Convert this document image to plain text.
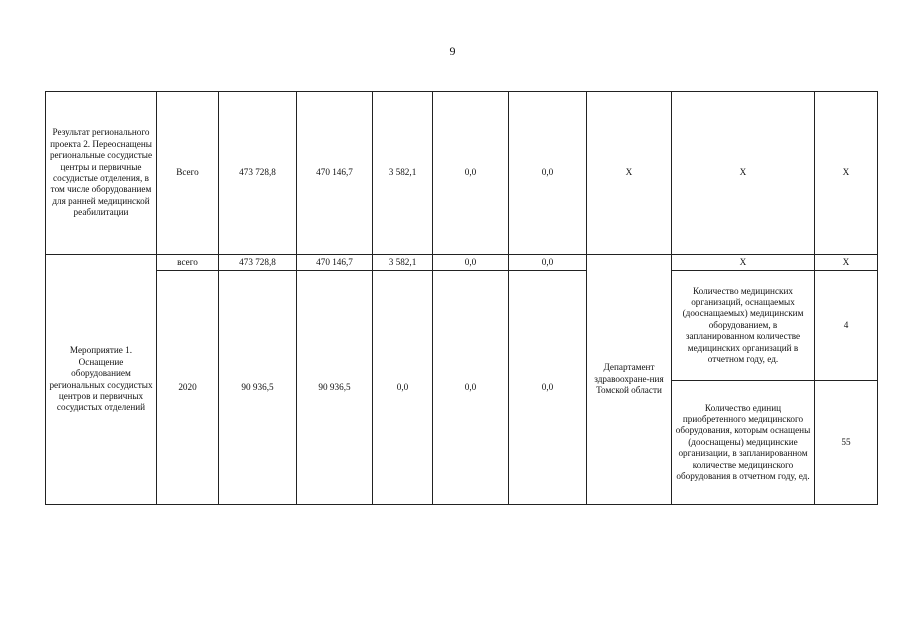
9
Результат регионального проекта 2. Переоснащены региональные сосудистые центры и первичные сосудистые отделения, в том числе оборудованием для ранней медицинской реабилитации	Всего	473 728,8	470 146,7	3 582,1	0,0	0,0	Х	Х	Х
Мероприятие 1. Оснащение оборудованием региональных сосудистых центров и первичных сосудистых отделений	всего	473 728,8	470 146,7	3 582,1	0,0	0,0	Департамент здравоохране-ния Томской области	Х	Х
	2020	90 936,5	90 936,5	0,0	0,0	0,0		Количество медицинских организаций, оснащаемых (дооснащаемых) медицинским оборудованием, в запланированном количестве медицинских организаций в отчетном году, ед.	4
								Количество единиц приобретенного медицинского оборудования, которым оснащены (дооснащены) медицинские организации, в запланированном количестве медицинского оборудования в отчетном году, ед.	55
